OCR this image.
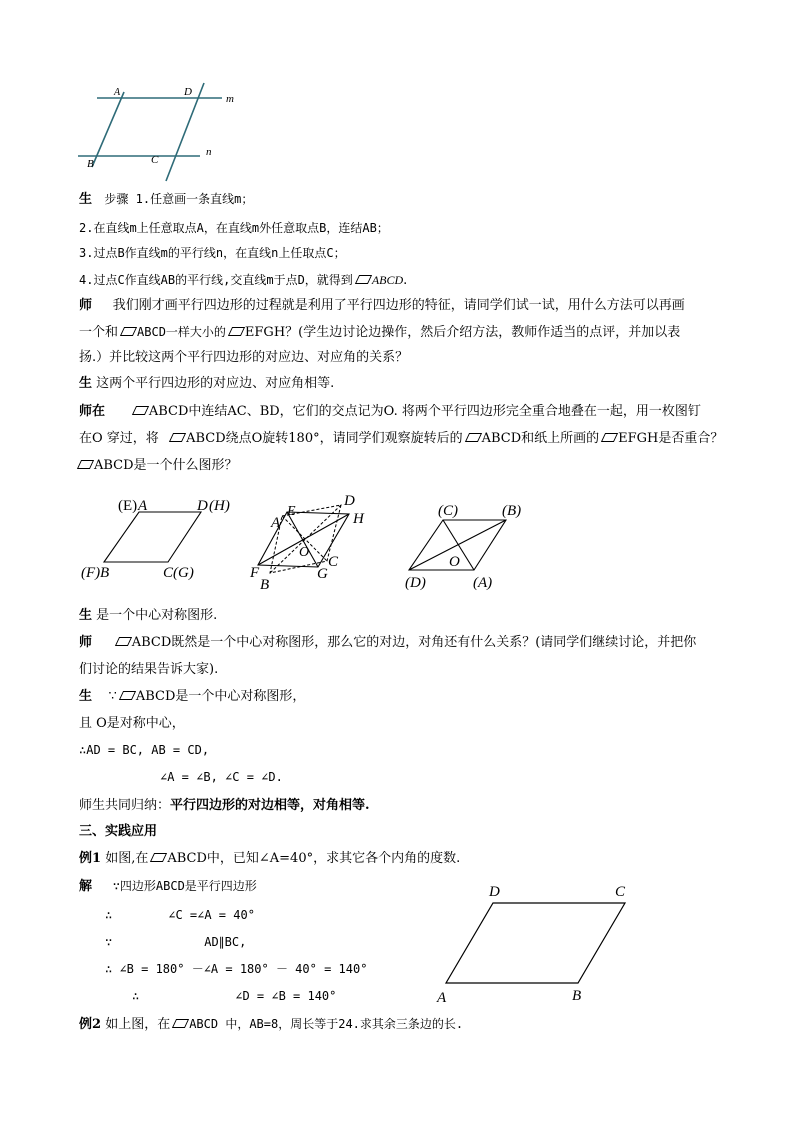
A	D
m
B	C
n
生 步骤 1.任意画一条直线m；
2.在直线m上任意取点A，在直线m外任意取点B，连结AB；
3.过点B作直线m的平行线n，在直线n上任取点C；
4.过点C作直线AB的平行线,交直线m于点D，就得到 ABCD.
师 我们刚才画平行四边形的过程就是利用了平行四边形的特征，请同学们试一试，用什么方法可以再画
一个和 ABCD一样大小的 EFGH？(学生边讨论边操作，然后介绍方法，教师作适当的点评，并加以表
扬.）并比较这两个平行四边形的对应边、对应角的关系？
生 这两个平行四边形的对应边、对应角相等.
师在	ABCD中连结AC、BD，它们的交点记为O. 将两个平行四边形完全重合地叠在一起，用一枚图钉
在O 穿过，将 ABCD绕点O旋转180°，请同学们观察旋转后的 ABCD和纸上所画的 EFGH是否重合？
ABCD是一个什么图形？
(E) A	D (H)
(F) B	C (G)
E
D
A	H
O
C
F	G
B
(C)	(B)
O
(D)	(A)
生 是一个中心对称图形.
师	ABCD既然是一个中心对称图形，那么它的对边，对角还有什么关系？(请同学们继续讨论，并把你
们讨论的结果告诉大家).
生 ∵ ABCD是一个中心对称图形，
且 O是对称中心，
∴AD = BC, AB = CD,
∠A = ∠B, ∠C = ∠D.
师生共同归纳：平行四边形的对边相等，对角相等.
三、实践应用
例1 如图,在 ABCD中，已知∠A=40°，求其它各个内角的度数.
解 ∵四边形ABCD是平行四边形
∴	∠C =∠A = 40°
∵	AD∥BC,
∴ ∠B = 180° －∠A = 180° － 40° = 140°
∴	∠D = ∠B = 140°
例2 如上图，在 ABCD 中，AB=8，周长等于24.求其余三条边的长.
D	C
A	B
